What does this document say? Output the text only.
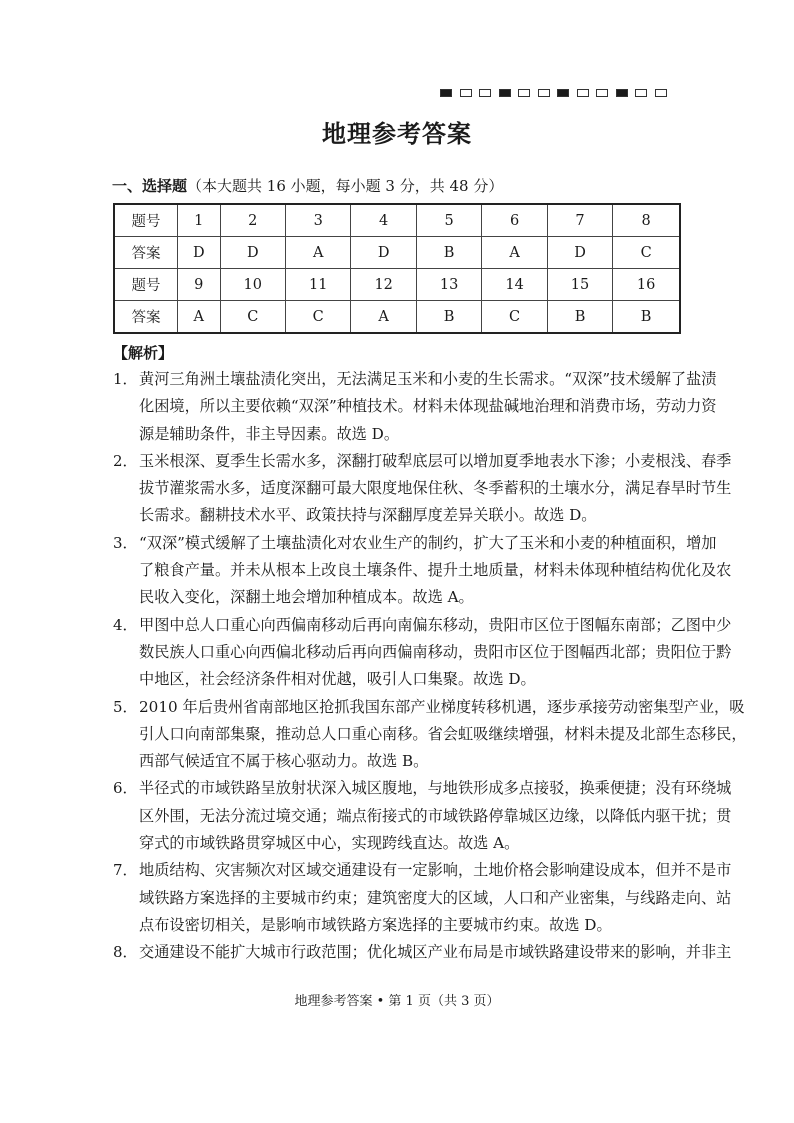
地理参考答案
一、选择题（本大题共 16 小题，每小题 3 分，共 48 分）
题号	1	2	3	4	5	6	7	8
答案	D	D	A	D	B	A	D	C
题号	9	10	11	12	13	14	15	16
答案	A	C	C	A	B	C	B	B
【解析】
1． 黄河三角洲土壤盐渍化突出，无法满足玉米和小麦的生长需求。“双深”技术缓解了盐渍
化困境，所以主要依赖“双深”种植技术。材料未体现盐碱地治理和消费市场，劳动力资
源是辅助条件，非主导因素。故选 D。
2． 玉米根深、夏季生长需水多，深翻打破犁底层可以增加夏季地表水下渗；小麦根浅、春季
拔节灌浆需水多，适度深翻可最大限度地保住秋、冬季蓄积的土壤水分，满足春旱时节生
长需求。翻耕技术水平、政策扶持与深翻厚度差异关联小。故选 D。
3． “双深”模式缓解了土壤盐渍化对农业生产的制约，扩大了玉米和小麦的种植面积，增加
了粮食产量。并未从根本上改良土壤条件、提升土地质量，材料未体现种植结构优化及农
民收入变化，深翻土地会增加种植成本。故选 A。
4． 甲图中总人口重心向西偏南移动后再向南偏东移动，贵阳市区位于图幅东南部；乙图中少
数民族人口重心向西偏北移动后再向西偏南移动，贵阳市区位于图幅西北部；贵阳位于黔
中地区，社会经济条件相对优越，吸引人口集聚。故选 D。
5． 2010 年后贵州省南部地区抢抓我国东部产业梯度转移机遇，逐步承接劳动密集型产业，吸
引人口向南部集聚，推动总人口重心南移。省会虹吸继续增强，材料未提及北部生态移民，
西部气候适宜不属于核心驱动力。故选 B。
6． 半径式的市域铁路呈放射状深入城区腹地，与地铁形成多点接驳，换乘便捷；没有环绕城
区外围，无法分流过境交通；端点衔接式的市域铁路停靠城区边缘，以降低内驱干扰；贯
穿式的市域铁路贯穿城区中心，实现跨线直达。故选 A。
7． 地质结构、灾害频次对区域交通建设有一定影响，土地价格会影响建设成本，但并不是市
域铁路方案选择的主要城市约束；建筑密度大的区域，人口和产业密集，与线路走向、站
点布设密切相关，是影响市域铁路方案选择的主要城市约束。故选 D。
8． 交通建设不能扩大城市行政范围；优化城区产业布局是市域铁路建设带来的影响，并非主
地理参考答案 • 第 1 页（共 3 页）
